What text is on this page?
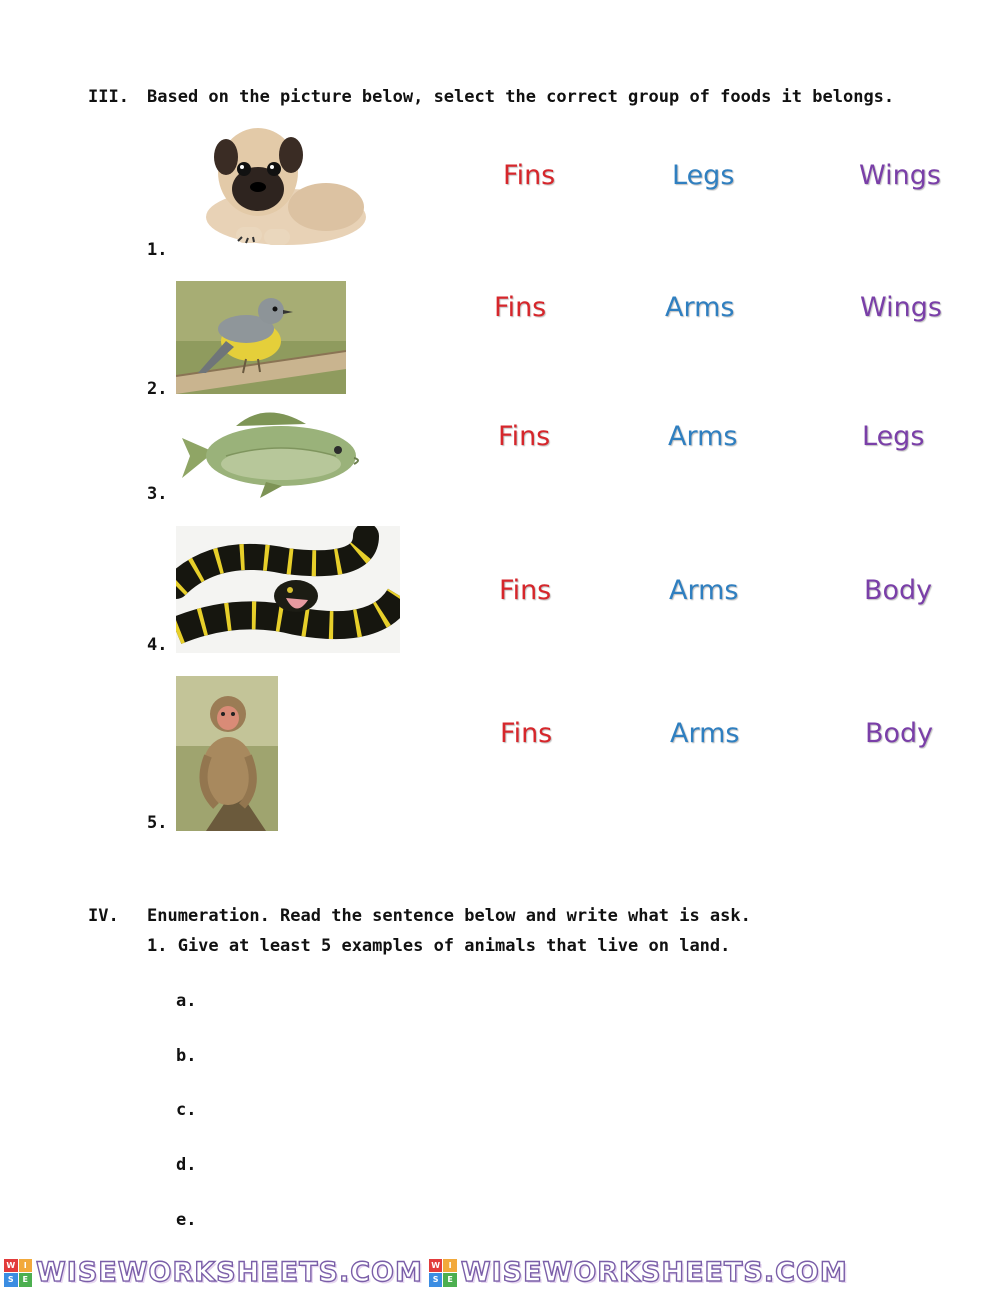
III. Based on the picture below, select the correct group of foods it belongs.
1.
Fins	Legs	Wings
2.
Fins	Arms	Wings
3.
Fins	Arms	Legs
4.
Fins	Arms	Body
5.
Fins	Arms	Body
IV. Enumeration. Read the sentence below and write what is ask.
1. Give at least 5 examples of animals that live on land.
a.
b.
c.
d.
e.
W	I
S	E WISEWORKSHEETS.COM W	I
S	E WISEWORKSHEETS.COM
